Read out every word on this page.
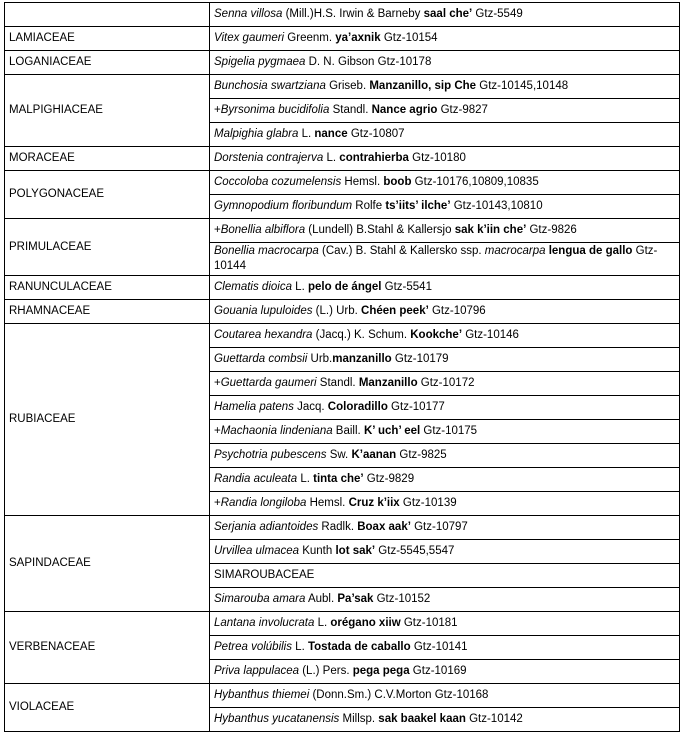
	Senna villosa (Mill.)H.S. Irwin & Barneby saal che’ Gtz-5549
LAMIACEAE	Vitex gaumeri Greenm. ya’axnik Gtz-10154
LOGANIACEAE	Spigelia pygmaea D. N. Gibson Gtz-10178
MALPIGHIACEAE	Bunchosia swartziana Griseb. Manzanillo, sip Che Gtz-10145,10148
	+Byrsonima bucidifolia Standl. Nance agrio Gtz-9827
	Malpighia glabra L. nance Gtz-10807
MORACEAE	Dorstenia contrajerva L. contrahierba Gtz-10180
POLYGONACEAE	Coccoloba cozumelensis Hemsl. boob Gtz-10176,10809,10835
	Gymnopodium floribundum Rolfe ts’iits’ ilche’ Gtz-10143,10810
PRIMULACEAE	+Bonellia albiflora (Lundell) B.Stahl & Kallersjo sak k’iin che’ Gtz-9826
	Bonellia macrocarpa (Cav.) B. Stahl & Kallersko ssp. macrocarpa lengua de gallo Gtz-10144
RANUNCULACEAE	Clematis dioica L. pelo de ángel Gtz-5541
RHAMNACEAE	Gouania lupuloides (L.) Urb. Chéen peek’ Gtz-10796
RUBIACEAE	Coutarea hexandra (Jacq.) K. Schum. Kookche’ Gtz-10146
	Guettarda combsii Urb.manzanillo Gtz-10179
	+Guettarda gaumeri Standl. Manzanillo Gtz-10172
	Hamelia patens Jacq. Coloradillo Gtz-10177
	+Machaonia lindeniana Baill. K’ uch’ eel Gtz-10175
	Psychotria pubescens Sw. K’aanan Gtz-9825
	Randia aculeata L. tinta che’ Gtz-9829
	+Randia longiloba Hemsl. Cruz k’iix Gtz-10139
SAPINDACEAE	Serjania adiantoides Radlk. Boax aak’ Gtz-10797
	Urvillea ulmacea Kunth lot sak’ Gtz-5545,5547
	SIMAROUBACEAE
	Simarouba amara Aubl. Pa’sak Gtz-10152
VERBENACEAE	Lantana involucrata L. orégano xiiw Gtz-10181
	Petrea volúbilis L. Tostada de caballo Gtz-10141
	Priva lappulacea (L.) Pers. pega pega Gtz-10169
VIOLACEAE	Hybanthus thiemei (Donn.Sm.) C.V.Morton Gtz-10168
	Hybanthus yucatanensis Millsp. sak baakel kaan Gtz-10142
